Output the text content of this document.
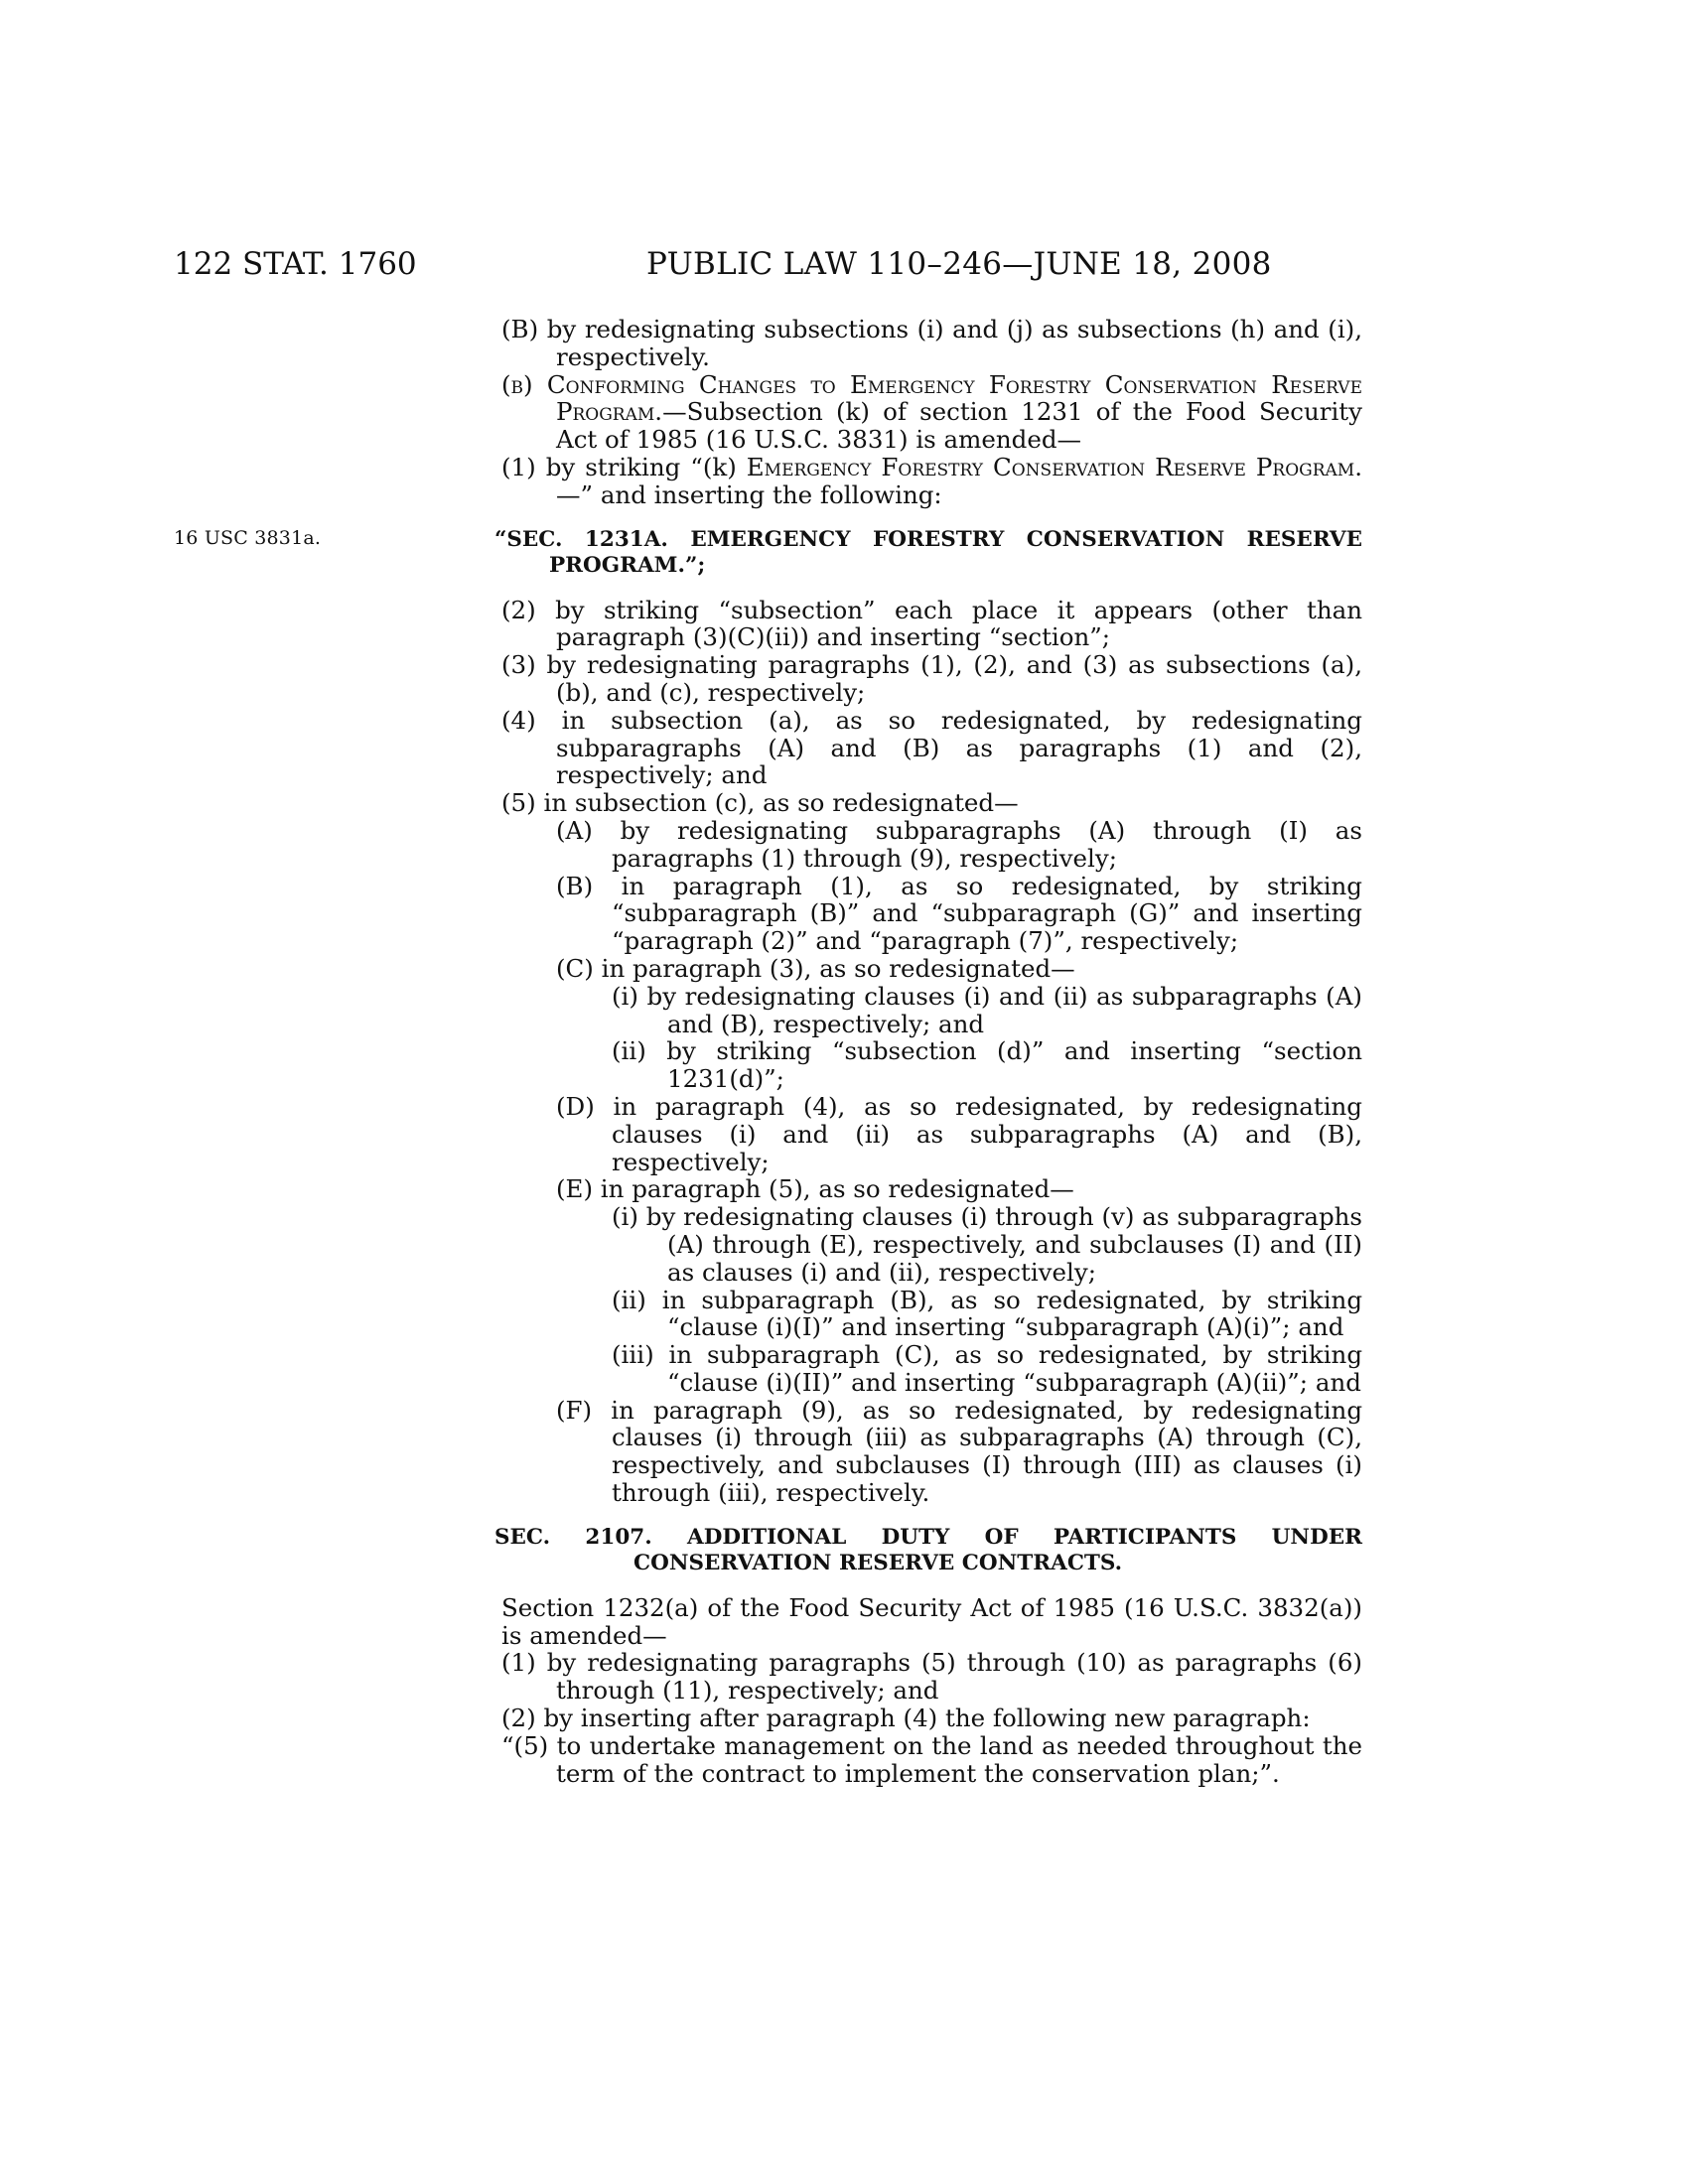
122 STAT. 1760	PUBLIC LAW 110–246—JUNE 18, 2008
16 USC 3831a.

(B) by redesignating subsections (i) and (j) as subsections (h) and (i), respectively.

(b) Conforming Changes to Emergency Forestry Conservation Reserve Program.—Subsection (k) of section 1231 of the Food Security Act of 1985 (16 U.S.C. 3831) is amended—

(1) by striking “(k) Emergency Forestry Conservation Reserve Program.—” and inserting the following:

“SEC. 1231A. EMERGENCY FORESTRY CONSERVATION RESERVE PROGRAM.”;

(2) by striking “subsection” each place it appears (other than paragraph (3)(C)(ii)) and inserting “section”;

(3) by redesignating paragraphs (1), (2), and (3) as subsections (a), (b), and (c), respectively;

(4) in subsection (a), as so redesignated, by redesignating subparagraphs (A) and (B) as paragraphs (1) and (2), respectively; and

(5) in subsection (c), as so redesignated—

(A) by redesignating subparagraphs (A) through (I) as paragraphs (1) through (9), respectively;

(B) in paragraph (1), as so redesignated, by striking “subparagraph (B)” and “subparagraph (G)” and inserting “paragraph (2)” and “paragraph (7)”, respectively;

(C) in paragraph (3), as so redesignated—

(i) by redesignating clauses (i) and (ii) as subparagraphs (A) and (B), respectively; and

(ii) by striking “subsection (d)” and inserting “section 1231(d)”;

(D) in paragraph (4), as so redesignated, by redesignating clauses (i) and (ii) as subparagraphs (A) and (B), respectively;

(E) in paragraph (5), as so redesignated—

(i) by redesignating clauses (i) through (v) as subparagraphs (A) through (E), respectively, and subclauses (I) and (II) as clauses (i) and (ii), respectively;

(ii) in subparagraph (B), as so redesignated, by striking “clause (i)(I)” and inserting “subparagraph (A)(i)”; and

(iii) in subparagraph (C), as so redesignated, by striking “clause (i)(II)” and inserting “subparagraph (A)(ii)”; and

(F) in paragraph (9), as so redesignated, by redesignating clauses (i) through (iii) as subparagraphs (A) through (C), respectively, and subclauses (I) through (III) as clauses (i) through (iii), respectively.

SEC. 2107. ADDITIONAL DUTY OF PARTICIPANTS UNDER CONSERVATION RESERVE CONTRACTS.

Section 1232(a) of the Food Security Act of 1985 (16 U.S.C. 3832(a)) is amended—

(1) by redesignating paragraphs (5) through (10) as paragraphs (6) through (11), respectively; and

(2) by inserting after paragraph (4) the following new paragraph:

“(5) to undertake management on the land as needed throughout the term of the contract to implement the conservation plan;”.
